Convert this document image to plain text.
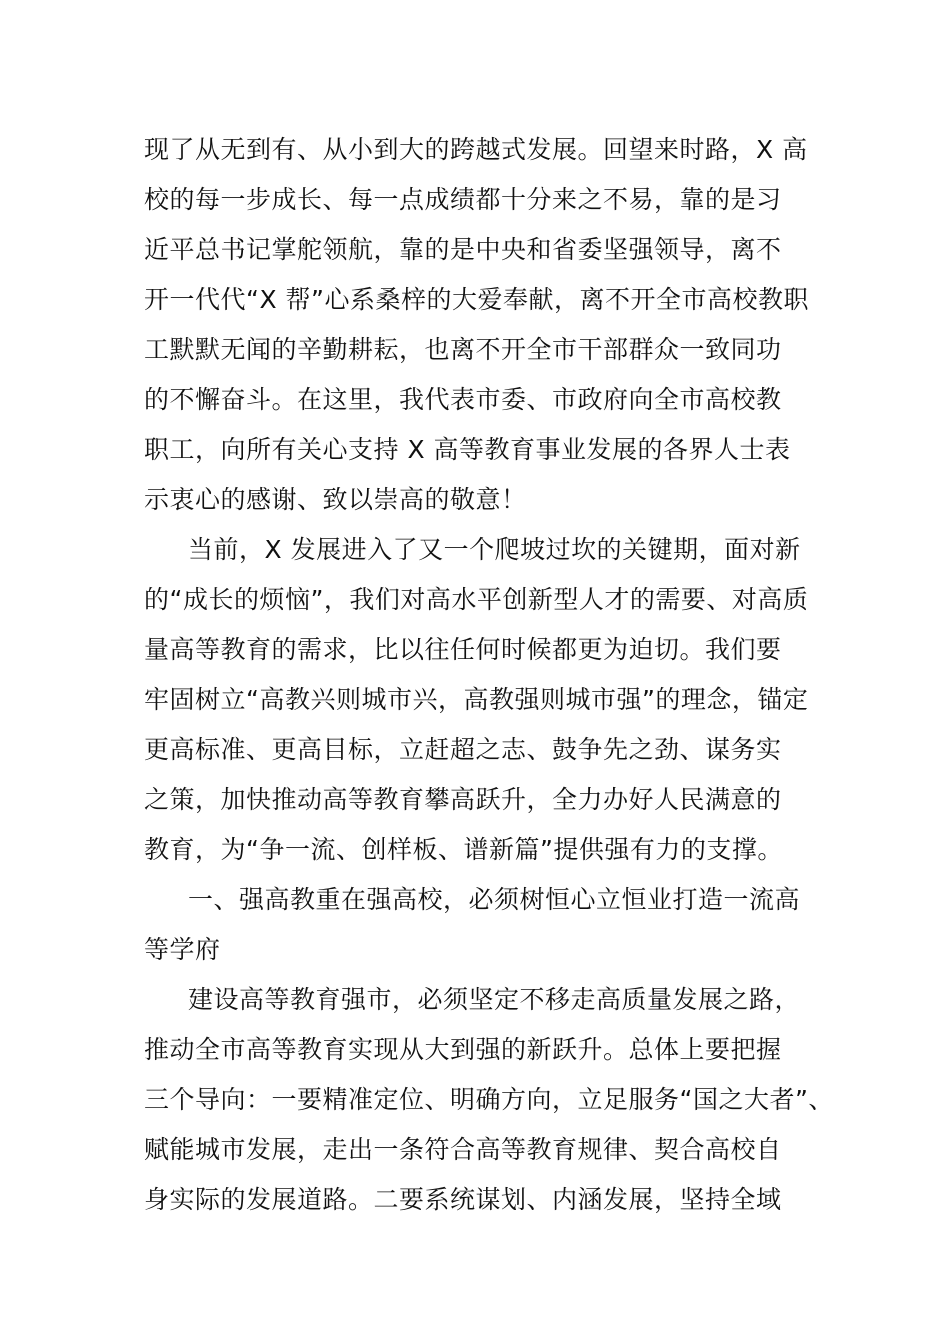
现了从无到有、从小到大的跨越式发展。回望来时路，X 高
校的每一步成长、每一点成绩都十分来之不易，靠的是习
近平总书记掌舵领航，靠的是中央和省委坚强领导，离不
开一代代“X 帮”心系桑梓的大爱奉献，离不开全市高校教职
工默默无闻的辛勤耕耘，也离不开全市干部群众一致同功
的不懈奋斗。在这里，我代表市委、市政府向全市高校教
职工，向所有关心支持 X 高等教育事业发展的各界人士表
示衷心的感谢、致以崇高的敬意！
当前，X 发展进入了又一个爬坡过坎的关键期，面对新
的“成长的烦恼”，我们对高水平创新型人才的需要、对高质
量高等教育的需求，比以往任何时候都更为迫切。我们要
牢固树立“高教兴则城市兴，高教强则城市强”的理念，锚定
更高标准、更高目标，立赶超之志、鼓争先之劲、谋务实
之策，加快推动高等教育攀高跃升，全力办好人民满意的
教育，为“争一流、创样板、谱新篇”提供强有力的支撑。
一、强高教重在强高校，必须树恒心立恒业打造一流高
等学府
建设高等教育强市，必须坚定不移走高质量发展之路，
推动全市高等教育实现从大到强的新跃升。总体上要把握
三个导向：一要精准定位、明确方向，立足服务“国之大者”、
赋能城市发展，走出一条符合高等教育规律、契合高校自
身实际的发展道路。二要系统谋划、内涵发展，坚持全域
